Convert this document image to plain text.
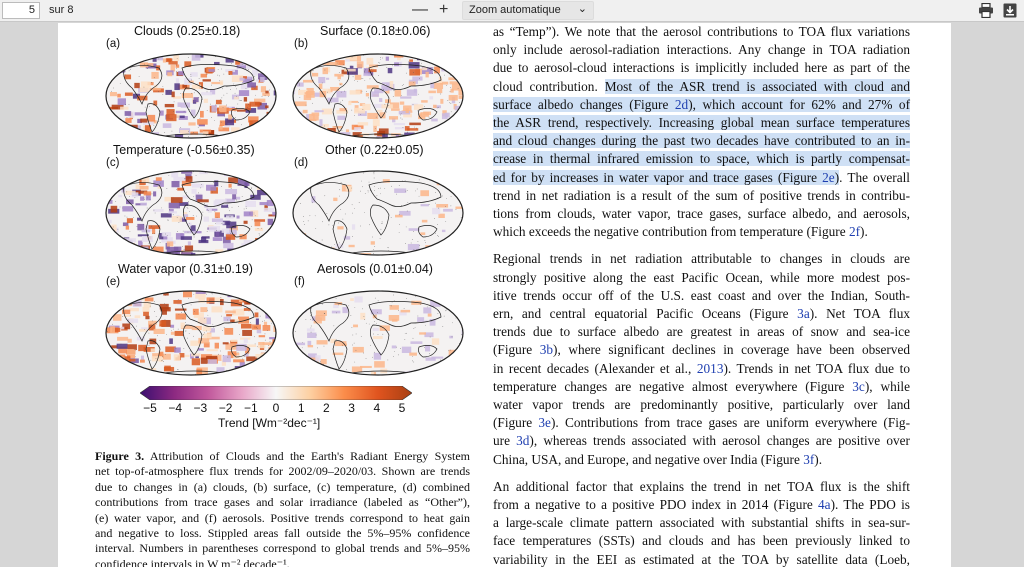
5	sur 8	— +	Zoom automatique ⌄
Clouds (0.25±0.18)
(a)
Surface (0.18±0.06)
(b)
Temperature (-0.56±0.35)
(c)
Other (0.22±0.05)
(d)
Water vapor (0.31±0.19)
(e)
Aerosols (0.01±0.04)
(f)
−5 −4 −3 −2 −1 0 1 2 3 4 5
Trend [Wm⁻²dec⁻¹]
Figure 3. Attribution of Clouds and the Earth's Radiant Energy System
net top-of-atmosphere flux trends for 2002/09–2020/03. Shown are trends
due to changes in (a) clouds, (b) surface, (c) temperature, (d) combined
contributions from trace gases and solar irradiance (labeled as “Other”),
(e) water vapor, and (f) aerosols. Positive trends correspond to heat gain
and negative to loss. Stippled areas fall outside the 5%–95% confidence
interval. Numbers in parentheses correspond to global trends and 5%–95%
confidence intervals in W m⁻² decade⁻¹.
as “Temp”). We note that the aerosol contributions to TOA flux variations
only include aerosol-radiation interactions. Any change in TOA radiation
due to aerosol-cloud interactions is implicitly included here as part of the
cloud contribution. Most of the ASR trend is associated with cloud and
surface albedo changes (Figure 2d), which account for 62% and 27% of
the ASR trend, respectively. Increasing global mean surface temperatures
and cloud changes during the past two decades have contributed to an in-
crease in thermal infrared emission to space, which is partly compensat-
ed for by increases in water vapor and trace gases (Figure 2e). The overall
trend in net radiation is a result of the sum of positive trends in contribu-
tions from clouds, water vapor, trace gases, surface albedo, and aerosols,
which exceeds the negative contribution from temperature (Figure 2f).
Regional trends in net radiation attributable to changes in clouds are
strongly positive along the east Pacific Ocean, while more modest pos-
itive trends occur off of the U.S. east coast and over the Indian, South-
ern, and central equatorial Pacific Oceans (Figure 3a). Net TOA flux
trends due to surface albedo are greatest in areas of snow and sea-ice
(Figure 3b), where significant declines in coverage have been observed
in recent decades (Alexander et al., 2013). Trends in net TOA flux due to
temperature changes are negative almost everywhere (Figure 3c), while
water vapor trends are predominantly positive, particularly over land
(Figure 3e). Contributions from trace gases are uniform everywhere (Fig-
ure 3d), whereas trends associated with aerosol changes are positive over
China, USA, and Europe, and negative over India (Figure 3f).
An additional factor that explains the trend in net TOA flux is the shift
from a negative to a positive PDO index in 2014 (Figure 4a). The PDO is
a large-scale climate pattern associated with substantial shifts in sea-sur-
face temperatures (SSTs) and clouds and has been previously linked to
variability in the EEI as estimated at the TOA by satellite data (Loeb,
